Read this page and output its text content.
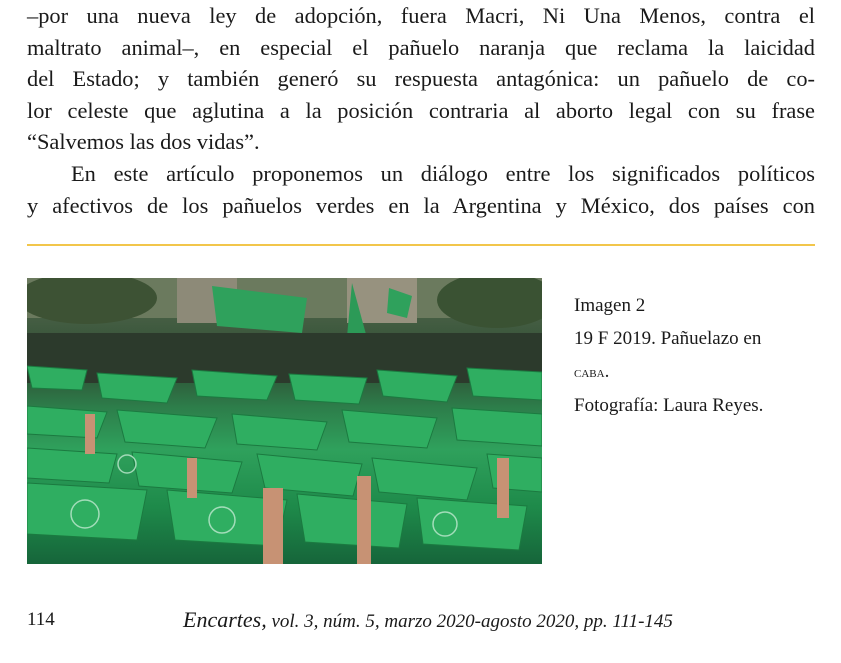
–por una nueva ley de adopción, fuera Macri, Ni Una Menos, contra el
maltrato animal–, en especial el pañuelo naranja que reclama la laicidad
del Estado; y también generó su respuesta antagónica: un pañuelo de co-
lor celeste que aglutina a la posición contraria al aborto legal con su frase
“Salvemos las dos vidas”.
En este artículo proponemos un diálogo entre los significados políticos
y afectivos de los pañuelos verdes en la Argentina y México, dos países con
Imagen 2
19 F 2019. Pañuelazo en
caba.
Fotografía: Laura Reyes.
114	Encartes, vol. 3, núm. 5, marzo 2020-agosto 2020, pp. 111-145
